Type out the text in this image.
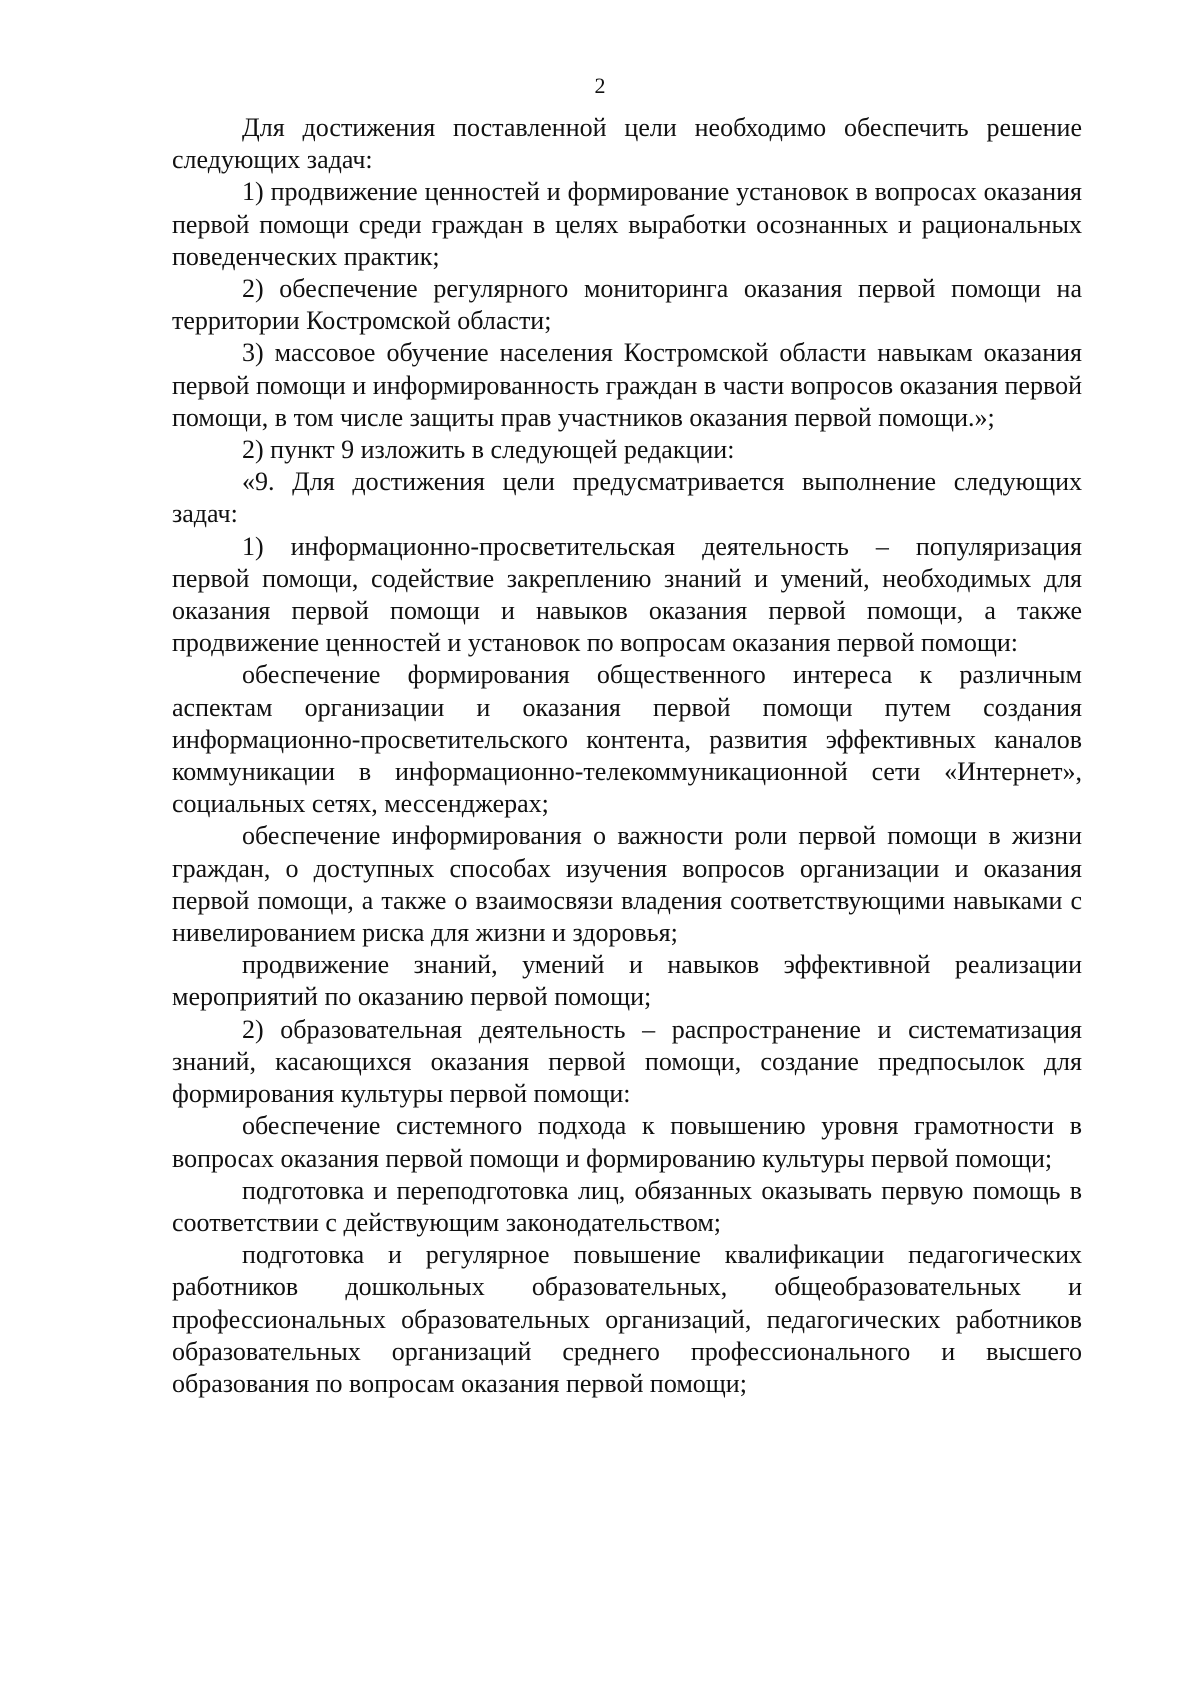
2

Для достижения поставленной цели необходимо обеспечить решение следующих задач:

1) продвижение ценностей и формирование установок в вопросах оказания первой помощи среди граждан в целях выработки осознанных и рациональных поведенческих практик;

2) обеспечение регулярного мониторинга оказания первой помощи на территории Костромской области;

3) массовое обучение населения Костромской области навыкам оказания первой помощи и информированность граждан в части вопросов оказания первой помощи, в том числе защиты прав участников оказания первой помощи.»;

2) пункт 9 изложить в следующей редакции:

«9. Для достижения цели предусматривается выполнение следующих задач:

1) информационно-просветительская деятельность – популяризация первой помощи, содействие закреплению знаний и умений, необходимых для оказания первой помощи и навыков оказания первой помощи, а также продвижение ценностей и установок по вопросам оказания первой помощи:

обеспечение формирования общественного интереса к различным аспектам организации и оказания первой помощи путем создания информационно-просветительского контента, развития эффективных каналов коммуникации в информационно-телекоммуникационной сети «Интернет», социальных сетях, мессенджерах;

обеспечение информирования о важности роли первой помощи в жизни граждан, о доступных способах изучения вопросов организации и оказания первой помощи, а также о взаимосвязи владения соответствующими навыками с нивелированием риска для жизни и здоровья;

продвижение знаний, умений и навыков эффективной реализации мероприятий по оказанию первой помощи;

2) образовательная деятельность – распространение и систематизация знаний, касающихся оказания первой помощи, создание предпосылок для формирования культуры первой помощи:

обеспечение системного подхода к повышению уровня грамотности в вопросах оказания первой помощи и формированию культуры первой помощи;

подготовка и переподготовка лиц, обязанных оказывать первую помощь в соответствии с действующим законодательством;

подготовка и регулярное повышение квалификации педагогических работников дошкольных образовательных, общеобразовательных и профессиональных образовательных организаций, педагогических работников образовательных организаций среднего профессионального и высшего образования по вопросам оказания первой помощи;
